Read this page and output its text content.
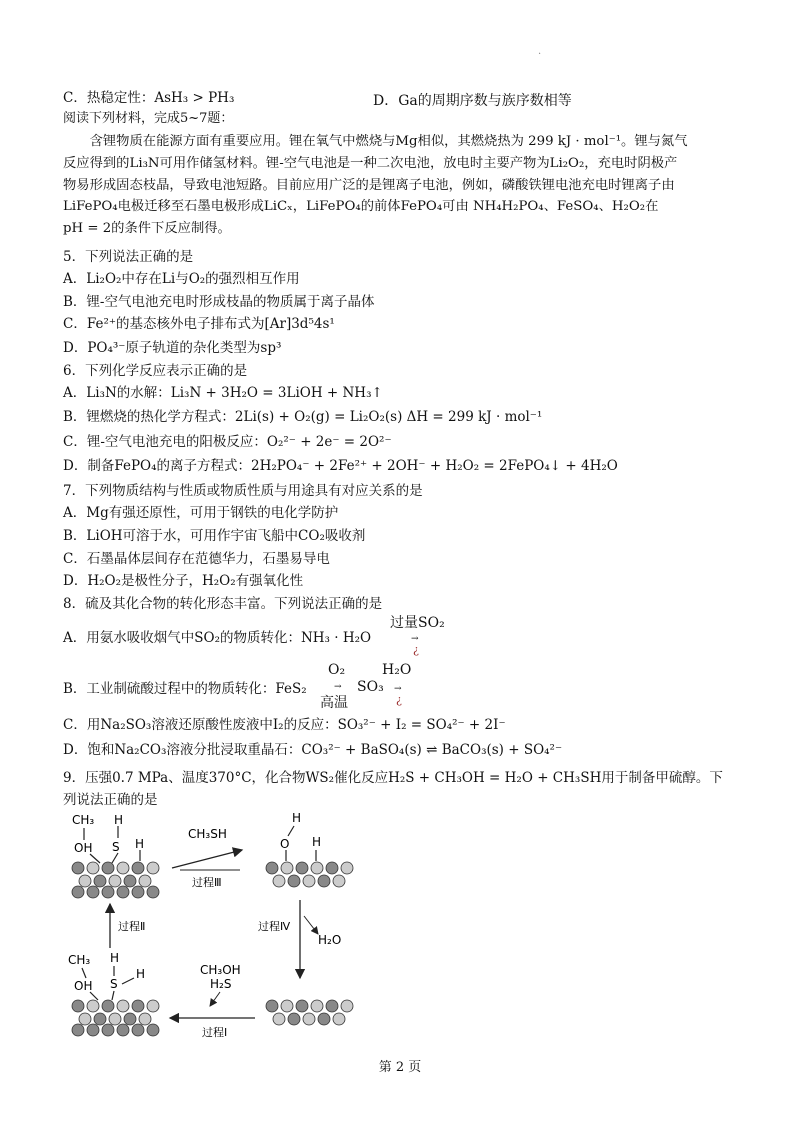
.
C．热稳定性：AsH₃ > PH₃	D．Ga的周期序数与族序数相等
阅读下列材料，完成5~7题：
含锂物质在能源方面有重要应用。锂在氧气中燃烧与Mg相似，其燃烧热为 299 kJ · mol⁻¹。锂与氮气
反应得到的Li₃N可用作储氢材料。锂-空气电池是一种二次电池，放电时主要产物为Li₂O₂，充电时阴极产
物易形成固态枝晶，导致电池短路。目前应用广泛的是锂离子电池，例如，磷酸铁锂电池充电时锂离子由
LiFePO₄电极迁移至石墨电极形成LiCₓ，LiFePO₄的前体FePO₄可由 NH₄H₂PO₄、FeSO₄、H₂O₂在
pH = 2的条件下反应制得。
5．下列说法正确的是
A．Li₂O₂中存在Li与O₂的强烈相互作用
B．锂-空气电池充电时形成枝晶的物质属于离子晶体
C．Fe²⁺的基态核外电子排布式为[Ar]3d⁵4s¹
D．PO₄³⁻原子轨道的杂化类型为sp³
6．下列化学反应表示正确的是
A．Li₃N的水解：Li₃N + 3H₂O = 3LiOH + NH₃↑
B．锂燃烧的热化学方程式：2Li(s) + O₂(g) = Li₂O₂(s) ΔH = 299 kJ · mol⁻¹
C．锂-空气电池充电的阳极反应：O₂²⁻ + 2e⁻ = 2O²⁻
D．制备FePO₄的离子方程式：2H₂PO₄⁻ + 2Fe²⁺ + 2OH⁻ + H₂O₂ = 2FePO₄↓ + 4H₂O
7．下列物质结构与性质或物质性质与用途具有对应关系的是
A．Mg有强还原性，可用于钢铁的电化学防护
B．LiOH可溶于水，可用作宇宙飞船中CO₂吸收剂
C．石墨晶体层间存在范德华力，石墨易导电
D．H₂O₂是极性分子，H₂O₂有强氧化性
8．硫及其化合物的转化形态丰富。下列说法正确的是
A．用氨水吸收烟气中SO₂的物质转化：NH₃ · H₂O
过量SO₂
→
¿
B．工业制硫酸过程中的物质转化：FeS₂
O₂
→
高温
SO₃
H₂O
→
¿
C．用Na₂SO₃溶液还原酸性废液中I₂的反应：SO₃²⁻ + I₂ = SO₄²⁻ + 2I⁻
D．饱和Na₂CO₃溶液分批浸取重晶石：CO₃²⁻ + BaSO₄(s) ⇌ BaCO₃(s) + SO₄²⁻
9．压强0.7 MPa、温度370°C，化合物WS₂催化反应H₂S + CH₃OH = H₂O + CH₃SH用于制备甲硫醇。下
列说法正确的是
CH₃
OH S
H
H
CH₃SH
过程Ⅲ
H
O H
过程Ⅳ
H₂O
CH₃OH
H₂S
过程Ⅰ
CH₃
OH S
H
H
过程Ⅱ
第 2 页
